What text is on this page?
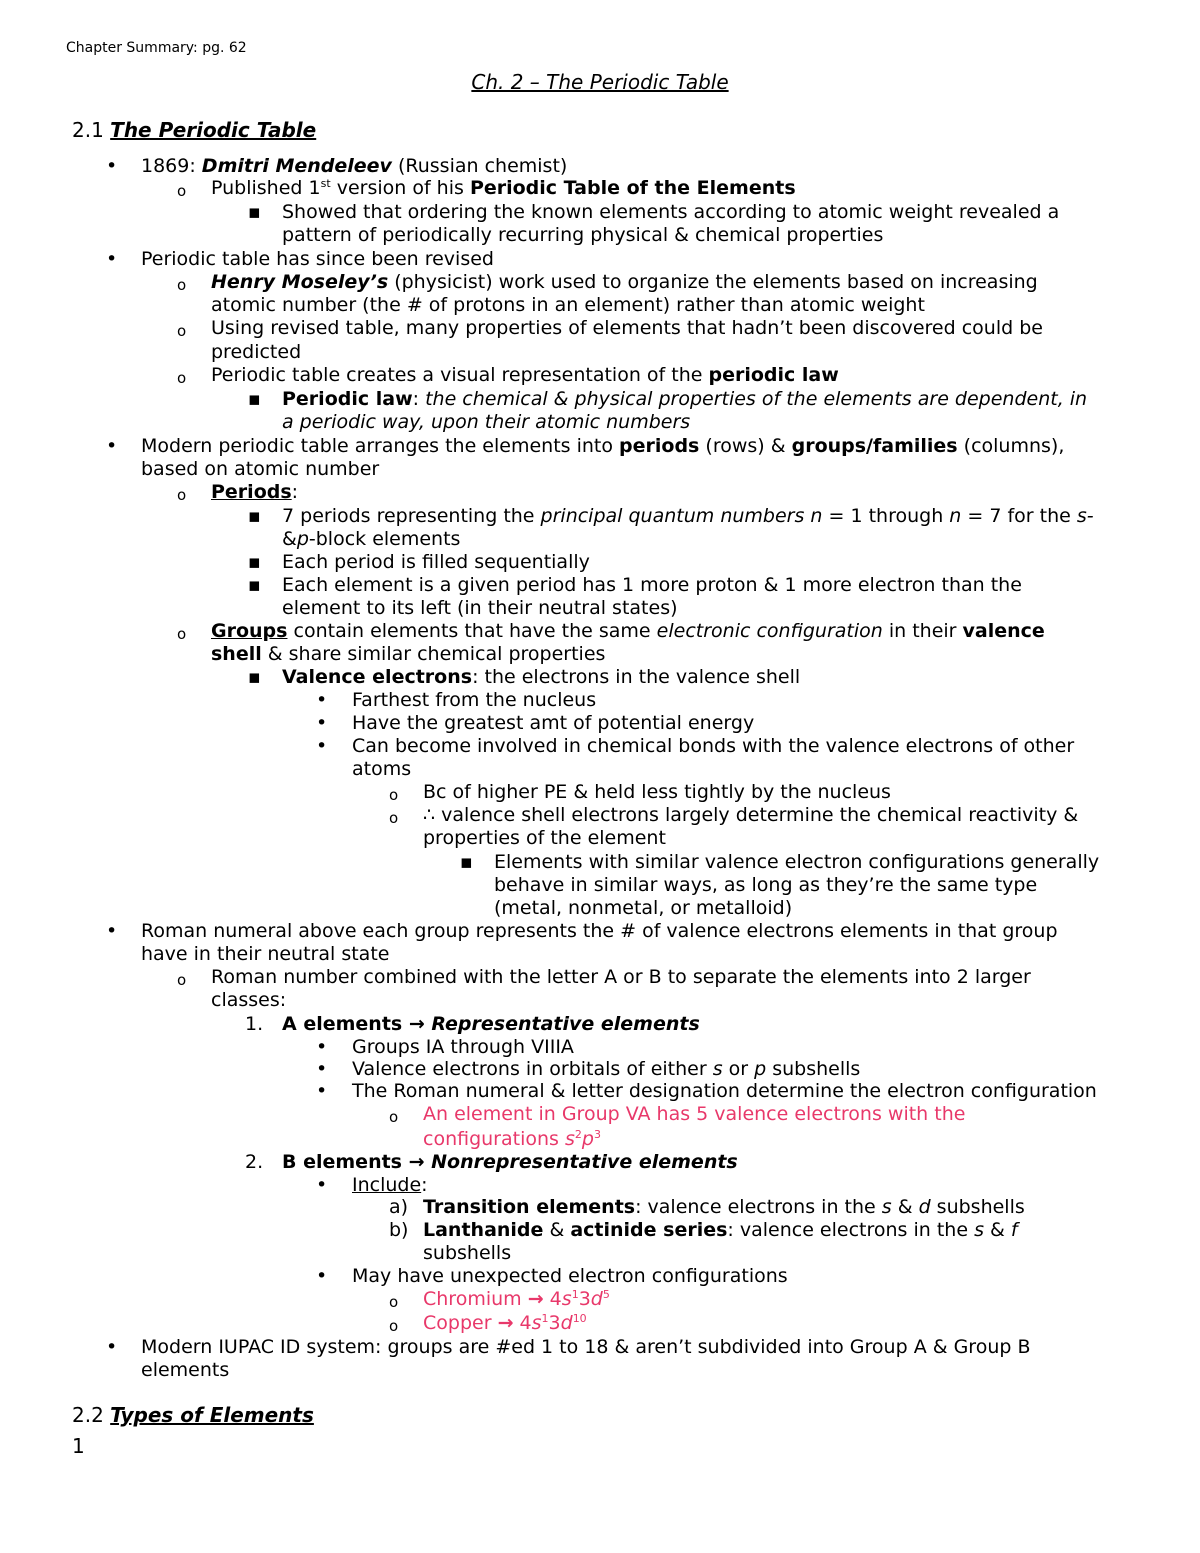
Chapter Summary: pg. 62
Ch. 2 – The Periodic Table
2.1 The Periodic Table
• 1869: Dmitri Mendeleev (Russian chemist)
o Published 1st version of his Periodic Table of the Elements
▪ Showed that ordering the known elements according to atomic weight revealed a
pattern of periodically recurring physical & chemical properties
• Periodic table has since been revised
o Henry Moseley’s (physicist) work used to organize the elements based on increasing
atomic number (the # of protons in an element) rather than atomic weight
o Using revised table, many properties of elements that hadn’t been discovered could be
predicted
o Periodic table creates a visual representation of the periodic law
▪ Periodic law: the chemical & physical properties of the elements are dependent, in
a periodic way, upon their atomic numbers
• Modern periodic table arranges the elements into periods (rows) & groups/families (columns),
based on atomic number
o Periods:
▪ 7 periods representing the principal quantum numbers n = 1 through n = 7 for the s-
&p-block elements
▪ Each period is filled sequentially
▪ Each element is a given period has 1 more proton & 1 more electron than the
element to its left (in their neutral states)
o Groups contain elements that have the same electronic configuration in their valence
shell & share similar chemical properties
▪ Valence electrons: the electrons in the valence shell
• Farthest from the nucleus
• Have the greatest amt of potential energy
• Can become involved in chemical bonds with the valence electrons of other
atoms
o Bc of higher PE & held less tightly by the nucleus
o ∴ valence shell electrons largely determine the chemical reactivity &
properties of the element
▪ Elements with similar valence electron configurations generally
behave in similar ways, as long as they’re the same type
(metal, nonmetal, or metalloid)
• Roman numeral above each group represents the # of valence electrons elements in that group
have in their neutral state
o Roman number combined with the letter A or B to separate the elements into 2 larger
classes:
1. A elements → Representative elements
• Groups IA through VIIIA
• Valence electrons in orbitals of either s or p subshells
• The Roman numeral & letter designation determine the electron configuration
o An element in Group VA has 5 valence electrons with the
configurations $s^2p^3$
2. B elements → Nonrepresentative elements
• Include:
a) Transition elements: valence electrons in the s & d subshells
b) Lanthanide & actinide series: valence electrons in the s & f
subshells
• May have unexpected electron configurations
o Chromium → $4s^13d^5$
o Copper → $4s^13d^{10}$
• Modern IUPAC ID system: groups are #ed 1 to 18 & aren’t subdivided into Group A & Group B
elements
2.2 Types of Elements
1
